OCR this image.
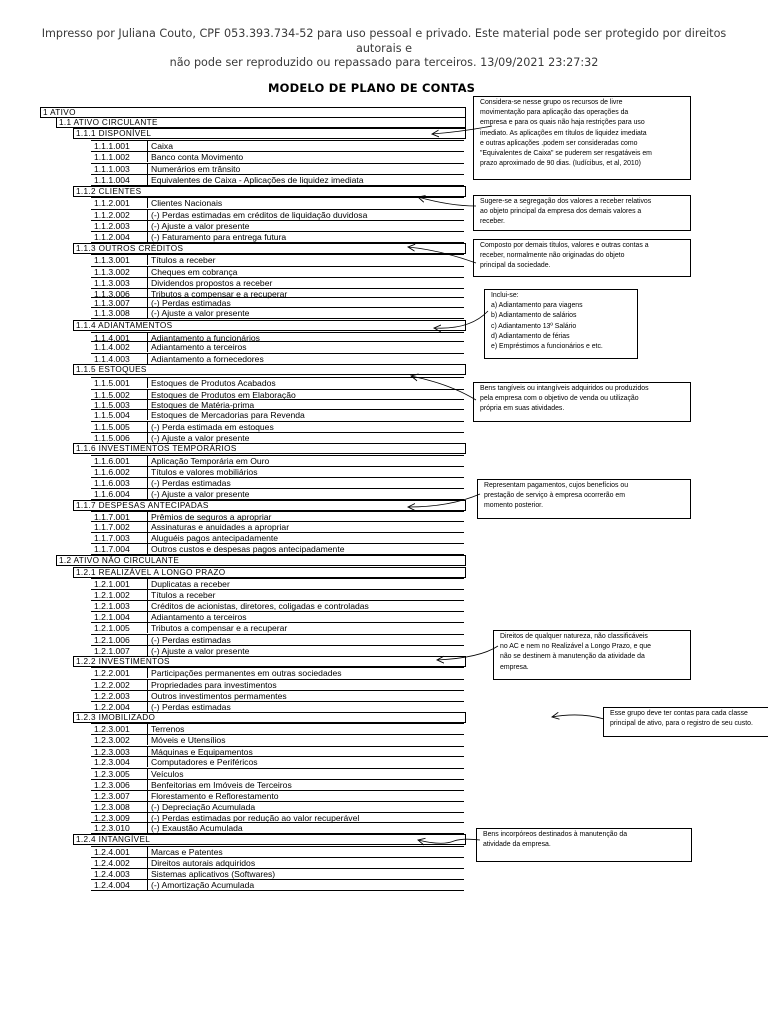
Impresso por Juliana Couto, CPF 053.393.734-52 para uso pessoal e privado. Este material pode ser protegido por direitos autorais e
não pode ser reproduzido ou repassado para terceiros. 13/09/2021 23:27:32
MODELO DE PLANO DE CONTAS
1 ATIVO
1.1 ATIVO CIRCULANTE
1.1.1 DISPONÍVEL
1.1.1.001	Caixa
1.1.1.002	Banco conta Movimento
1.1.1.003	Numerários em trânsito
1.1.1.004	Equivalentes de Caixa - Aplicações de liquidez imediata
1.1.2 CLIENTES
1.1.2.001	Clientes Nacionais
1.1.2.002	(-) Perdas estimadas em créditos de liquidação duvidosa
1.1.2.003	(-) Ajuste a valor presente
1.1.2.004	(-) Faturamento para entrega futura
1.1.3 OUTROS CRÉDITOS
1.1.3.001	Títulos a receber
1.1.3.002	Cheques em cobrança
1.1.3.003	Dividendos propostos a receber
1.1.3.006	Tributos a compensar e a recuperar
1.1.3.007	(-) Perdas estimadas
1.1.3.008	(-) Ajuste a valor presente
1.1.4 ADIANTAMENTOS
1.1.4.001	Adiantamento a funcionários
1.1.4.002	Adiantamento a terceiros
1.1.4.003	Adiantamento a fornecedores
1.1.5 ESTOQUES
1.1.5.001	Estoques de Produtos Acabados
1.1.5.002	Estoques de Produtos em Elaboração
1.1.5.003	Estoques de Matéria-prima
1.1.5.004	Estoques de Mercadorias para Revenda
1.1.5.005	(-) Perda estimada em estoques
1.1.5.006	(-) Ajuste a valor presente
1.1.6 INVESTIMENTOS TEMPORÁRIOS
1.1.6.001	Aplicação Temporária em Ouro
1.1.6.002	Títulos e valores mobiliários
1.1.6.003	(-) Perdas estimadas
1.1.6.004	(-) Ajuste a valor presente
1.1.7 DESPESAS ANTECIPADAS
1.1.7.001	Prêmios de seguros a apropriar
1.1.7.002	Assinaturas e anuidades a apropriar
1.1.7.003	Aluguéis pagos antecipadamente
1.1.7.004	Outros custos e despesas pagos antecipadamente
1.2 ATIVO NÃO CIRCULANTE
1.2.1 REALIZÁVEL A LONGO PRAZO
1.2.1.001	Duplicatas a receber
1.2.1.002	Títulos a receber
1.2.1.003	Créditos de acionistas, diretores, coligadas e controladas
1.2.1.004	Adiantamento a terceiros
1.2.1.005	Tributos a compensar e a recuperar
1.2.1.006	(-) Perdas estimadas
1.2.1.007	(-) Ajuste a valor presente
1.2.2 INVESTIMENTOS
1.2.2.001	Participações permanentes em outras sociedades
1.2.2.002	Propriedades para investimentos
1.2.2.003	Outros investimentos permamentes
1.2.2.004	(-) Perdas estimadas
1.2.3 IMOBILIZADO
1.2.3.001	Terrenos
1.2.3.002	Móveis e Utensílios
1.2.3.003	Máquinas e Equipamentos
1.2.3.004	Computadores e Periféricos
1.2.3.005	Veículos
1.2.3.006	Benfeitorias em Imóveis de Terceiros
1.2.3.007	Florestamento e Reflorestamento
1.2.3.008	(-) Depreciação Acumulada
1.2.3.009	(-) Perdas estimadas por redução ao valor recuperável
1.2.3.010	(-) Exaustão Acumulada
1.2.4 INTANGÍVEL
1.2.4.001	Marcas e Patentes
1.2.4.002	Direitos autorais adquiridos
1.2.4.003	Sistemas aplicativos (Softwares)
1.2.4.004	(-) Amortização Acumulada
Considera-se nesse grupo os recursos de livre
movimentação para aplicação das operações da
empresa e para os quais não haja restrições para uso
imediato. As aplicações em títulos de liquidez imediata
e outras aplicações .podem ser consideradas como
"Equivalentes de Caixa" se puderem ser resgatáveis em
prazo aproximado de 90 dias. (Iudícibus, et al, 2010)
Sugere-se a segregação dos valores a receber relativos
ao objeto principal da empresa dos demais valores a
receber.
Composto por demais títulos, valores e outras contas a
receber, normalmente não originadas do objeto
principal da sociedade.
Inclui-se:
a) Adiantamento para viagens
b) Adiantamento de salários
c) Adiantamento 13º Salário
d) Adiantamento de férias
e) Empréstimos a funcionários e etc.
Bens tangíveis ou intangíveis adquiridos ou produzidos
pela empresa com o objetivo de venda ou utilização
própria em suas atividades.
Representam pagamentos, cujos benefícios ou
prestação de serviço à empresa ocorrerão em
momento posterior.
Direitos de qualquer natureza, não classificáveis
no AC e nem no Realizável a Longo Prazo, e que
não se destinem à manutenção da atividade da
empresa.
Esse grupo deve ter contas para cada classe
principal de ativo, para o registro de seu custo.
Bens incorpóreos destinados à manutenção da
atividade da empresa.
